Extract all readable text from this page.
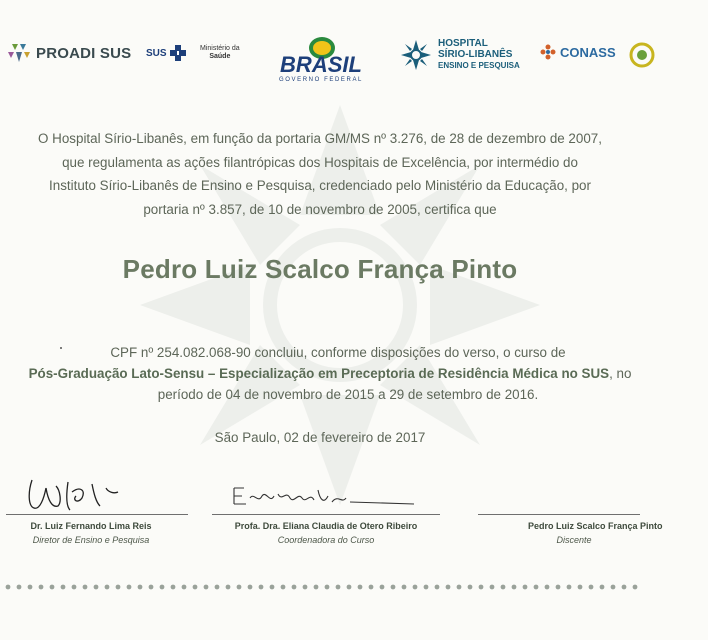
PROADI SUS SUS	Ministério da
Saúde	BRASIL
GOVERNO FEDERAL
HOSPITAL
SÍRIO-LIBANÊS
ENSINO E PESQUISA
CONASS
O Hospital Sírio-Libanês, em função da portaria GM/MS nº 3.276, de 28 de dezembro de 2007,
que regulamenta as ações filantrópicas dos Hospitais de Excelência, por intermédio do
Instituto Sírio-Libanês de Ensino e Pesquisa, credenciado pelo Ministério da Educação, por
portaria nº 3.857, de 10 de novembro de 2005, certifica que
Pedro Luiz Scalco França Pinto
CPF nº 254.082.068-90 concluiu, conforme disposições do verso, o curso de
Pós-Graduação Lato-Sensu – Especialização em Preceptoria de Residência Médica no SUS, no
período de 04 de novembro de 2015 a 29 de setembro de 2016.
São Paulo, 02 de fevereiro de 2017
Dr. Luiz Fernando Lima Reis
Diretor de Ensino e Pesquisa
Profa. Dra. Eliana Claudia de Otero Ribeiro
Coordenadora do Curso
Pedro Luiz Scalco França Pinto
Discente
